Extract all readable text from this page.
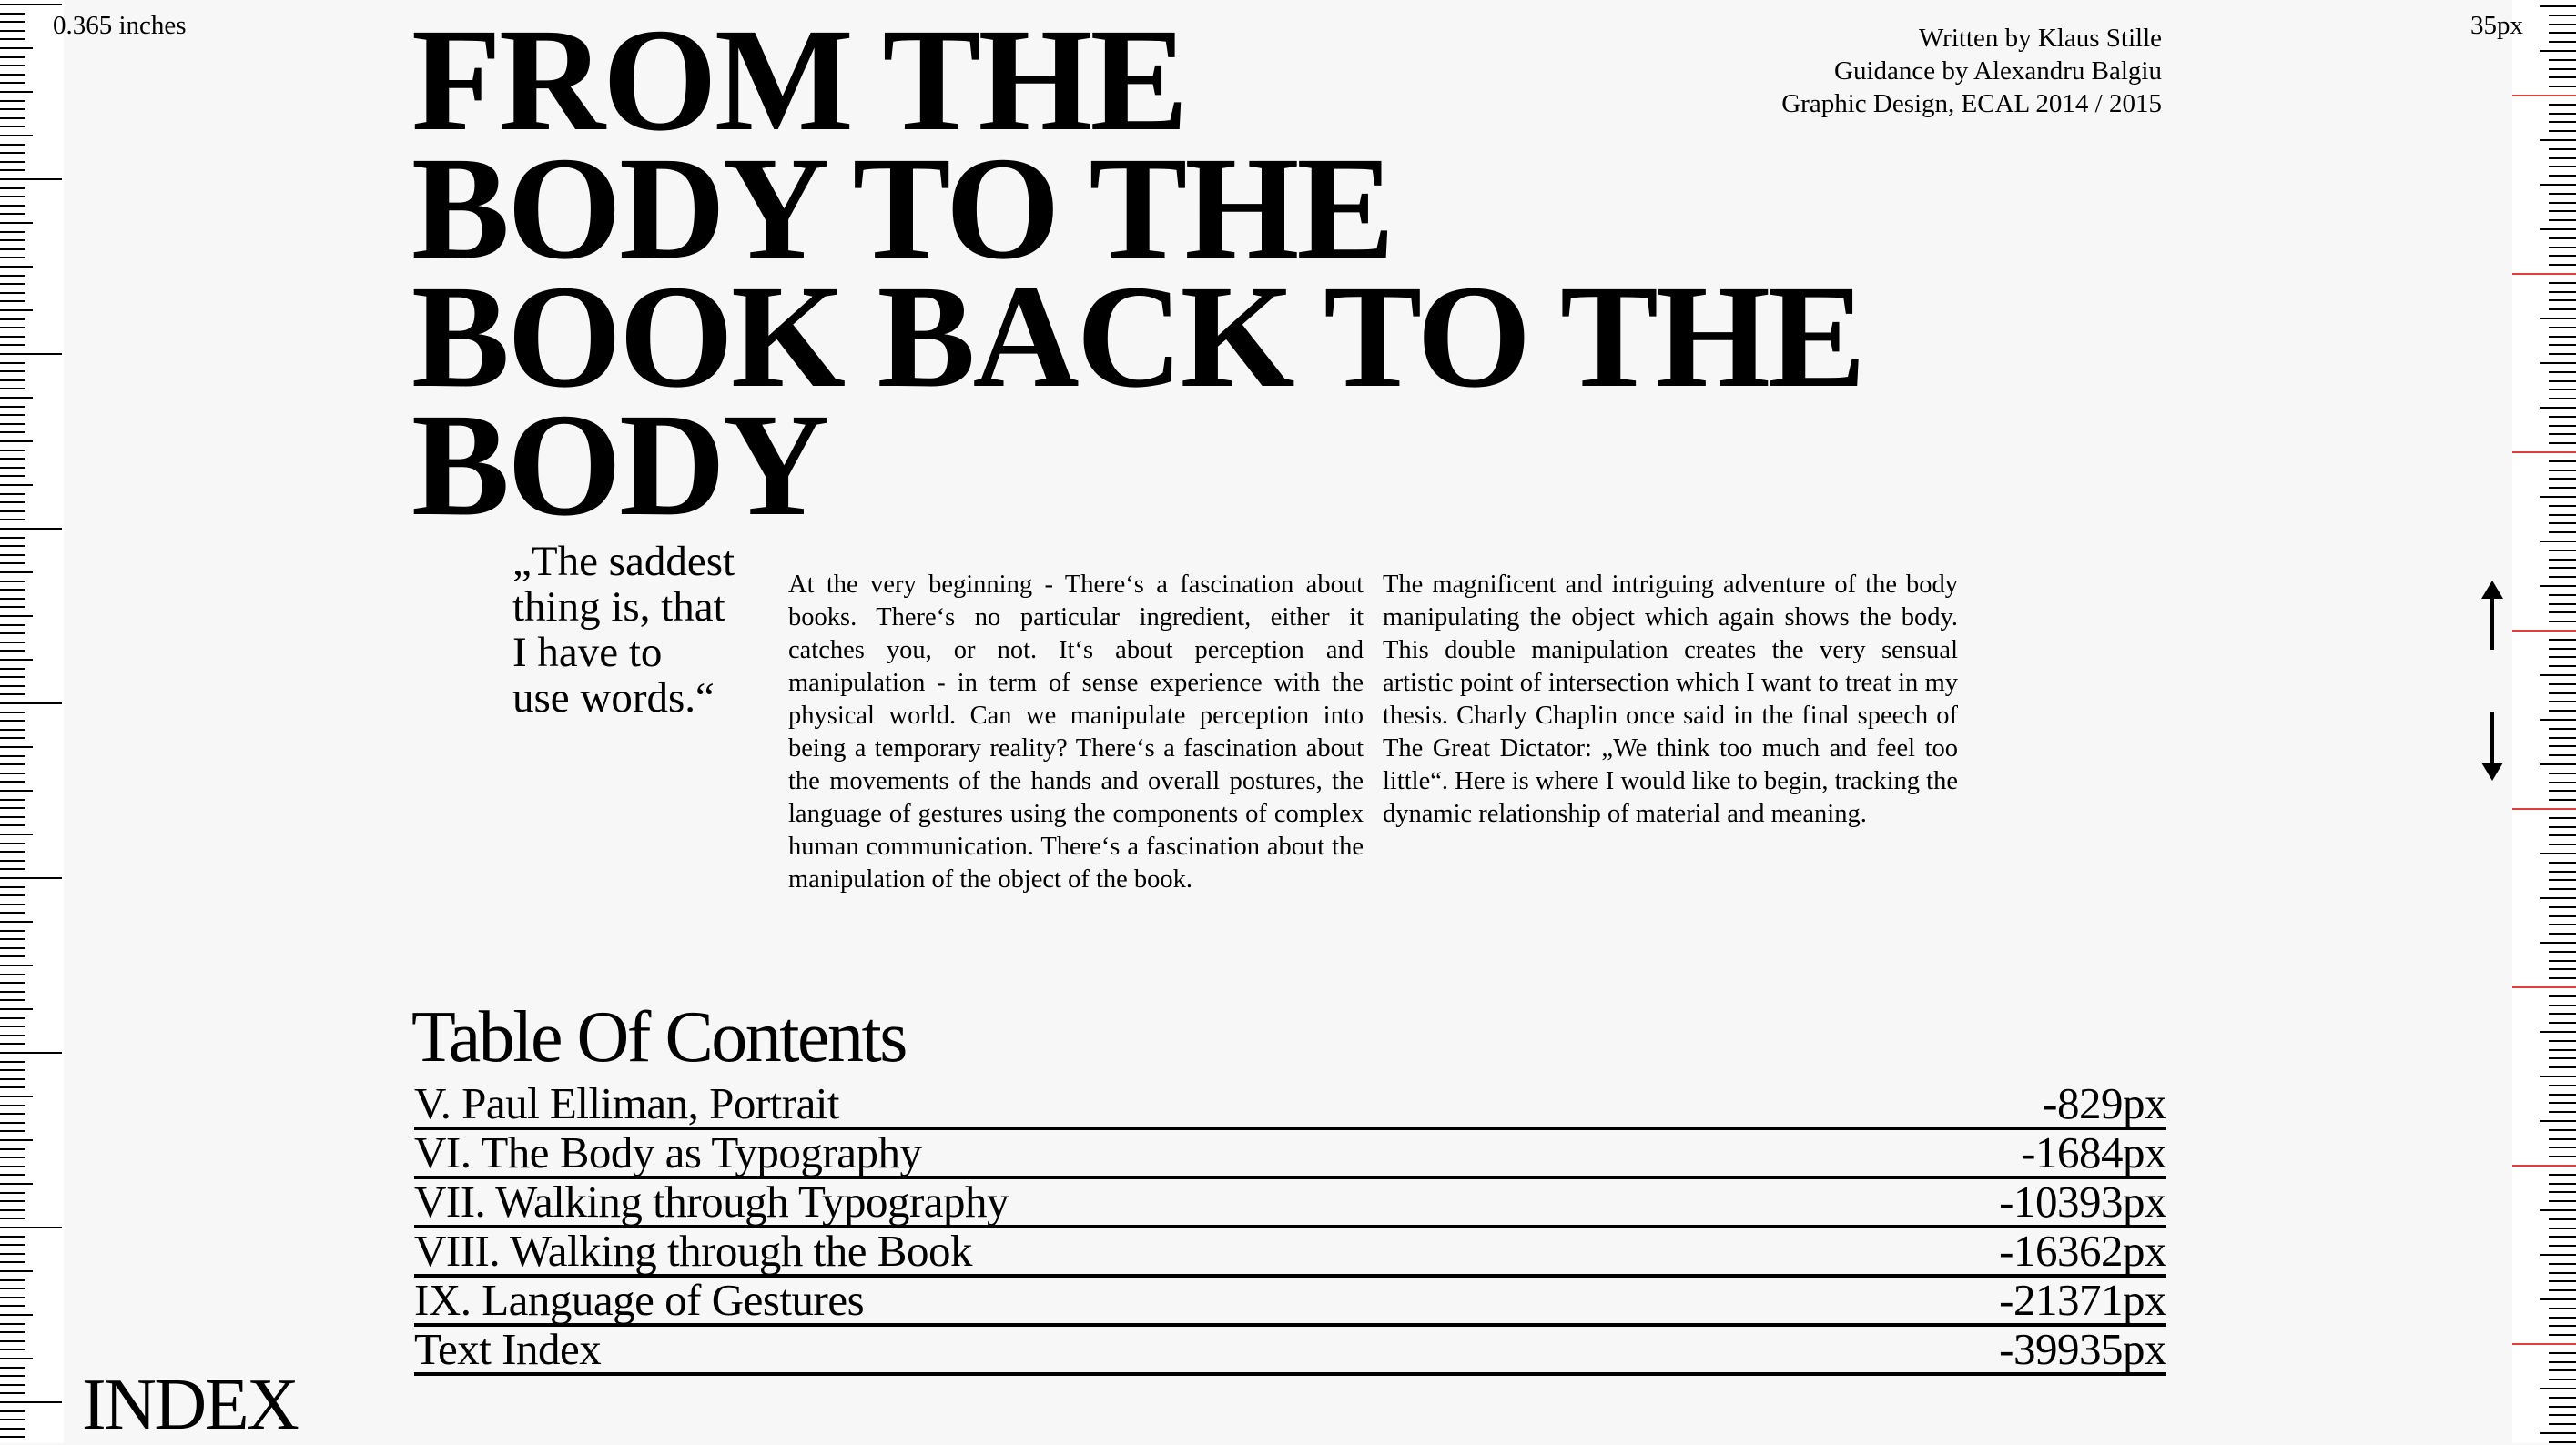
0.365 inches	35px
Written by Klaus Stille
Guidance by Alexandru Balgiu
Graphic Design, ECAL 2014 / 2015
FROM THE
BODY TO THE
BOOK BACK TO THE
BODY
„The saddest
thing is, that
I have to
use words.“

At the very beginning - There‘s a fascination about books. There‘s no particular ingredient, either it catches you, or not. It‘s about perception and manipulation - in term of sense experience with the physical world. Can we manipulate perception into being a temporary reality? There‘s a fascination about the movements of the hands and overall postures, the language of gestures using the components of complex human communication. There‘s a fascination about the manipulation of the object of the book.

The magnificent and intriguing adventure of the body manipulating the object which again shows the body. This double manipulation creates the very sensual artistic point of intersection which I want to treat in my thesis. Charly Chaplin once said in the final speech of The Great Dictator: „We think too much and feel too little“. Here is where I would like to begin, tracking the dynamic relationship of material and meaning.

Table Of Contents
V. Paul Elliman, Portrait	-829px
VI. The Body as Typography	-1684px
VII. Walking through Typography	-10393px
VIII. Walking through the Book	-16362px
IX. Language of Gestures	-21371px
Text Index	-39935px
INDEX
